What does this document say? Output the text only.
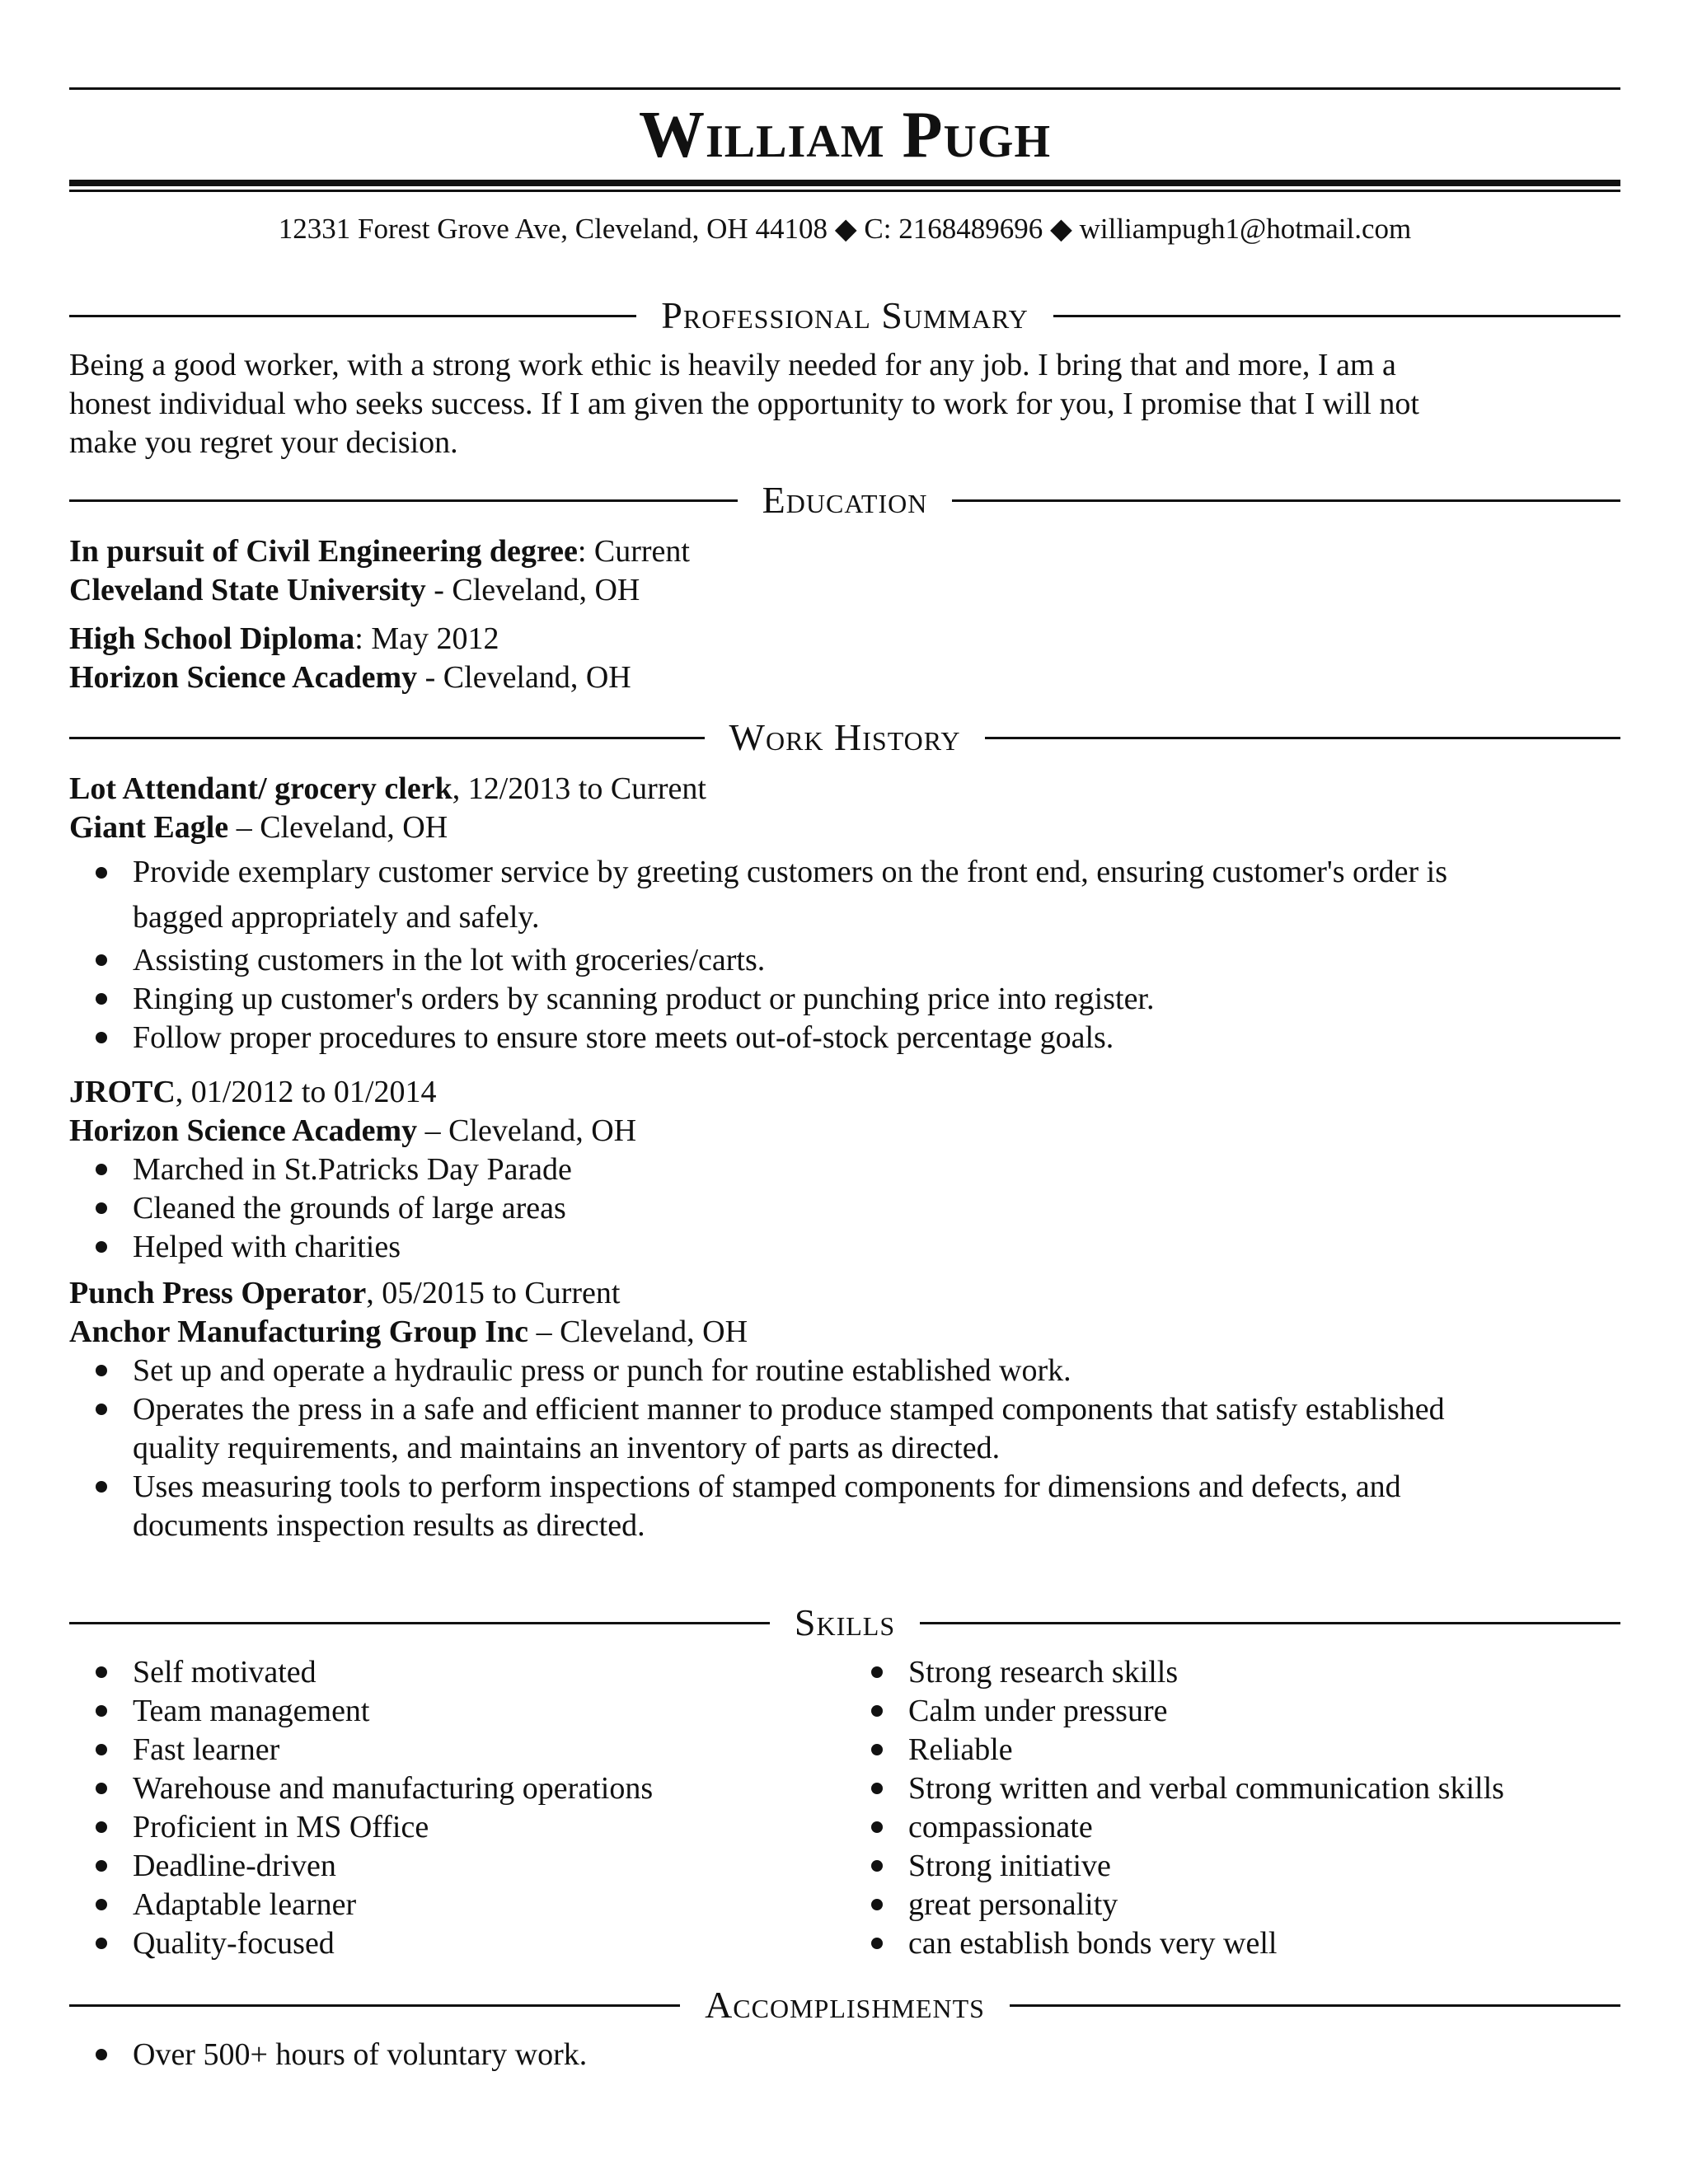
William Pugh
12331 Forest Grove Ave, Cleveland, OH 44108 ◆ C: 2168489696 ◆ williampugh1@hotmail.com
Professional Summary
Being a good worker, with a strong work ethic is heavily needed for any job. I bring that and more, I am a
honest individual who seeks success. If I am given the opportunity to work for you, I promise that I will not
make you regret your decision.
Education
In pursuit of Civil Engineering degree: Current
Cleveland State University - Cleveland, OH
High School Diploma: May 2012
Horizon Science Academy - Cleveland, OH
Work History
Lot Attendant/ grocery clerk, 12/2013 to Current
Giant Eagle – Cleveland, OH
Provide exemplary customer service by greeting customers on the front end, ensuring customer's order is
bagged appropriately and safely.
Assisting customers in the lot with groceries/carts.
Ringing up customer's orders by scanning product or punching price into register.
Follow proper procedures to ensure store meets out-of-stock percentage goals.
JROTC, 01/2012 to 01/2014
Horizon Science Academy – Cleveland, OH
Marched in St.Patricks Day Parade
Cleaned the grounds of large areas
Helped with charities
Punch Press Operator, 05/2015 to Current
Anchor Manufacturing Group Inc – Cleveland, OH
Set up and operate a hydraulic press or punch for routine established work.
Operates the press in a safe and efficient manner to produce stamped components that satisfy established
quality requirements, and maintains an inventory of parts as directed.
Uses measuring tools to perform inspections of stamped components for dimensions and defects, and
documents inspection results as directed.
Skills
Self motivated
Team management
Fast learner
Warehouse and manufacturing operations
Proficient in MS Office
Deadline-driven
Adaptable learner
Quality-focused
Strong research skills
Calm under pressure
Reliable
Strong written and verbal communication skills
compassionate
Strong initiative
great personality
can establish bonds very well
Accomplishments
Over 500+ hours of voluntary work.
